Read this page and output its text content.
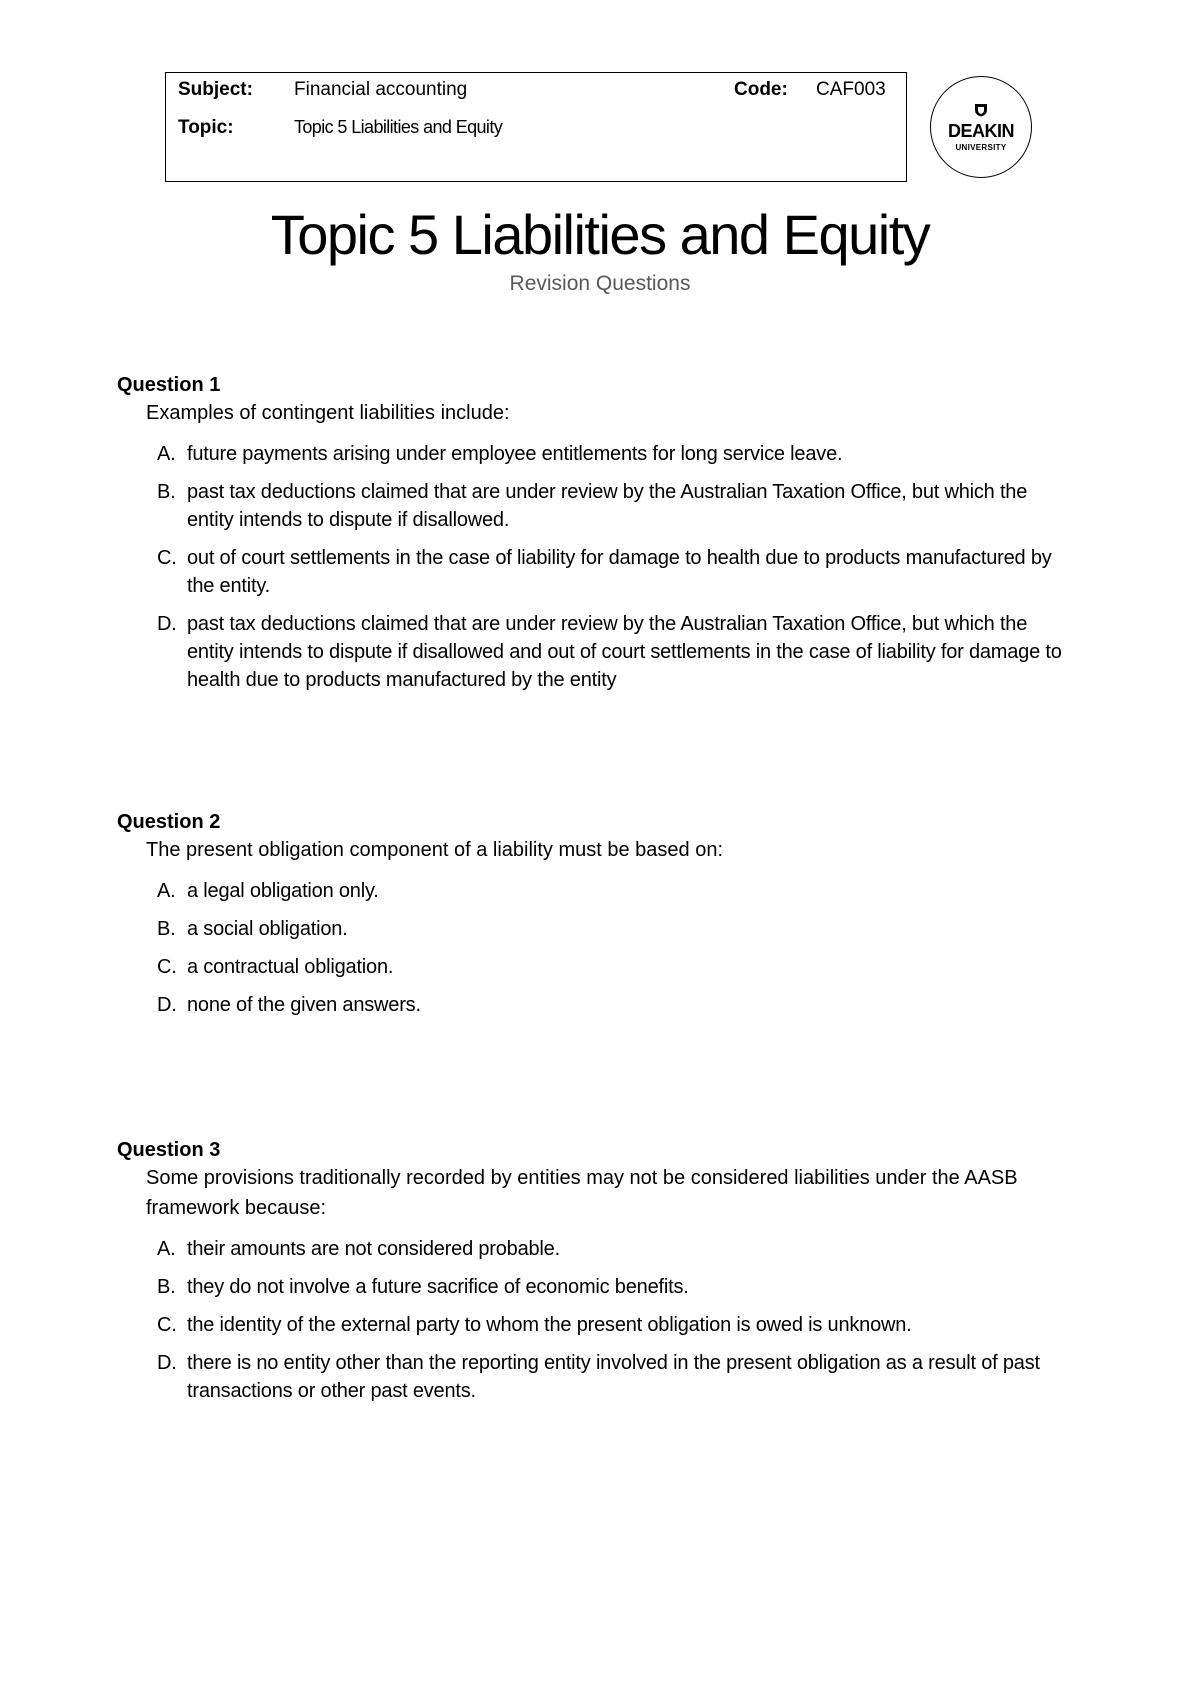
Subject: Financial accounting	Code: CAF003
Topic:	Topic 5 Liabilities and Equity	DEAKIN
UNIVERSITY
Topic 5 Liabilities and Equity
Revision Questions
Question 1
Examples of contingent liabilities include:
A. future payments arising under employee entitlements for long service leave.
B. past tax deductions claimed that are under review by the Australian Taxation Office, but which the entity intends to dispute if disallowed.
C. out of court settlements in the case of liability for damage to health due to products manufactured by the entity.
D. past tax deductions claimed that are under review by the Australian Taxation Office, but which the entity intends to dispute if disallowed and out of court settlements in the case of liability for damage to health due to products manufactured by the entity
Question 2
The present obligation component of a liability must be based on:
A. a legal obligation only.
B. a social obligation.
C. a contractual obligation.
D. none of the given answers.
Question 3
Some provisions traditionally recorded by entities may not be considered liabilities under the AASB framework because:
A. their amounts are not considered probable.
B. they do not involve a future sacrifice of economic benefits.
C. the identity of the external party to whom the present obligation is owed is unknown.
D. there is no entity other than the reporting entity involved in the present obligation as a result of past transactions or other past events.
